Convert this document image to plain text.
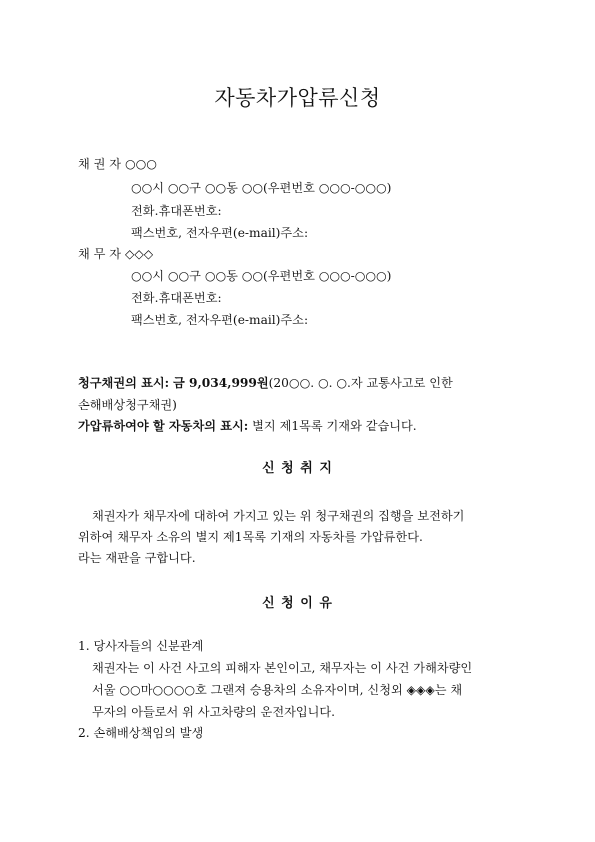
자동차가압류신청
채 권 자 ○○○
○○시 ○○구 ○○동 ○○(우편번호 ○○○-○○○)
전화․휴대폰번호:
팩스번호, 전자우편(e-mail)주소:
채 무 자 ◇◇◇
○○시 ○○구 ○○동 ○○(우편번호 ○○○-○○○)
전화․휴대폰번호:
팩스번호, 전자우편(e-mail)주소:
청구채권의 표시: 금 9,034,999원(20○○. ○. ○.자 교통사고로 인한
손해배상청구채권)
가압류하여야 할 자동차의 표시: 별지 제1목록 기재와 같습니다.
신 청 취 지
채권자가 채무자에 대하여 가지고 있는 위 청구채권의 집행을 보전하기
위하여 채무자 소유의 별지 제1목록 기재의 자동차를 가압류한다.
라는 재판을 구합니다.
신 청 이 유
1. 당사자들의 신분관계
채권자는 이 사건 사고의 피해자 본인이고, 채무자는 이 사건 가해차량인
서울 ○○마○○○○호 그랜져 승용차의 소유자이며, 신청외 ◈◈◈는 채
무자의 아들로서 위 사고차량의 운전자입니다.
2. 손해배상책임의 발생
